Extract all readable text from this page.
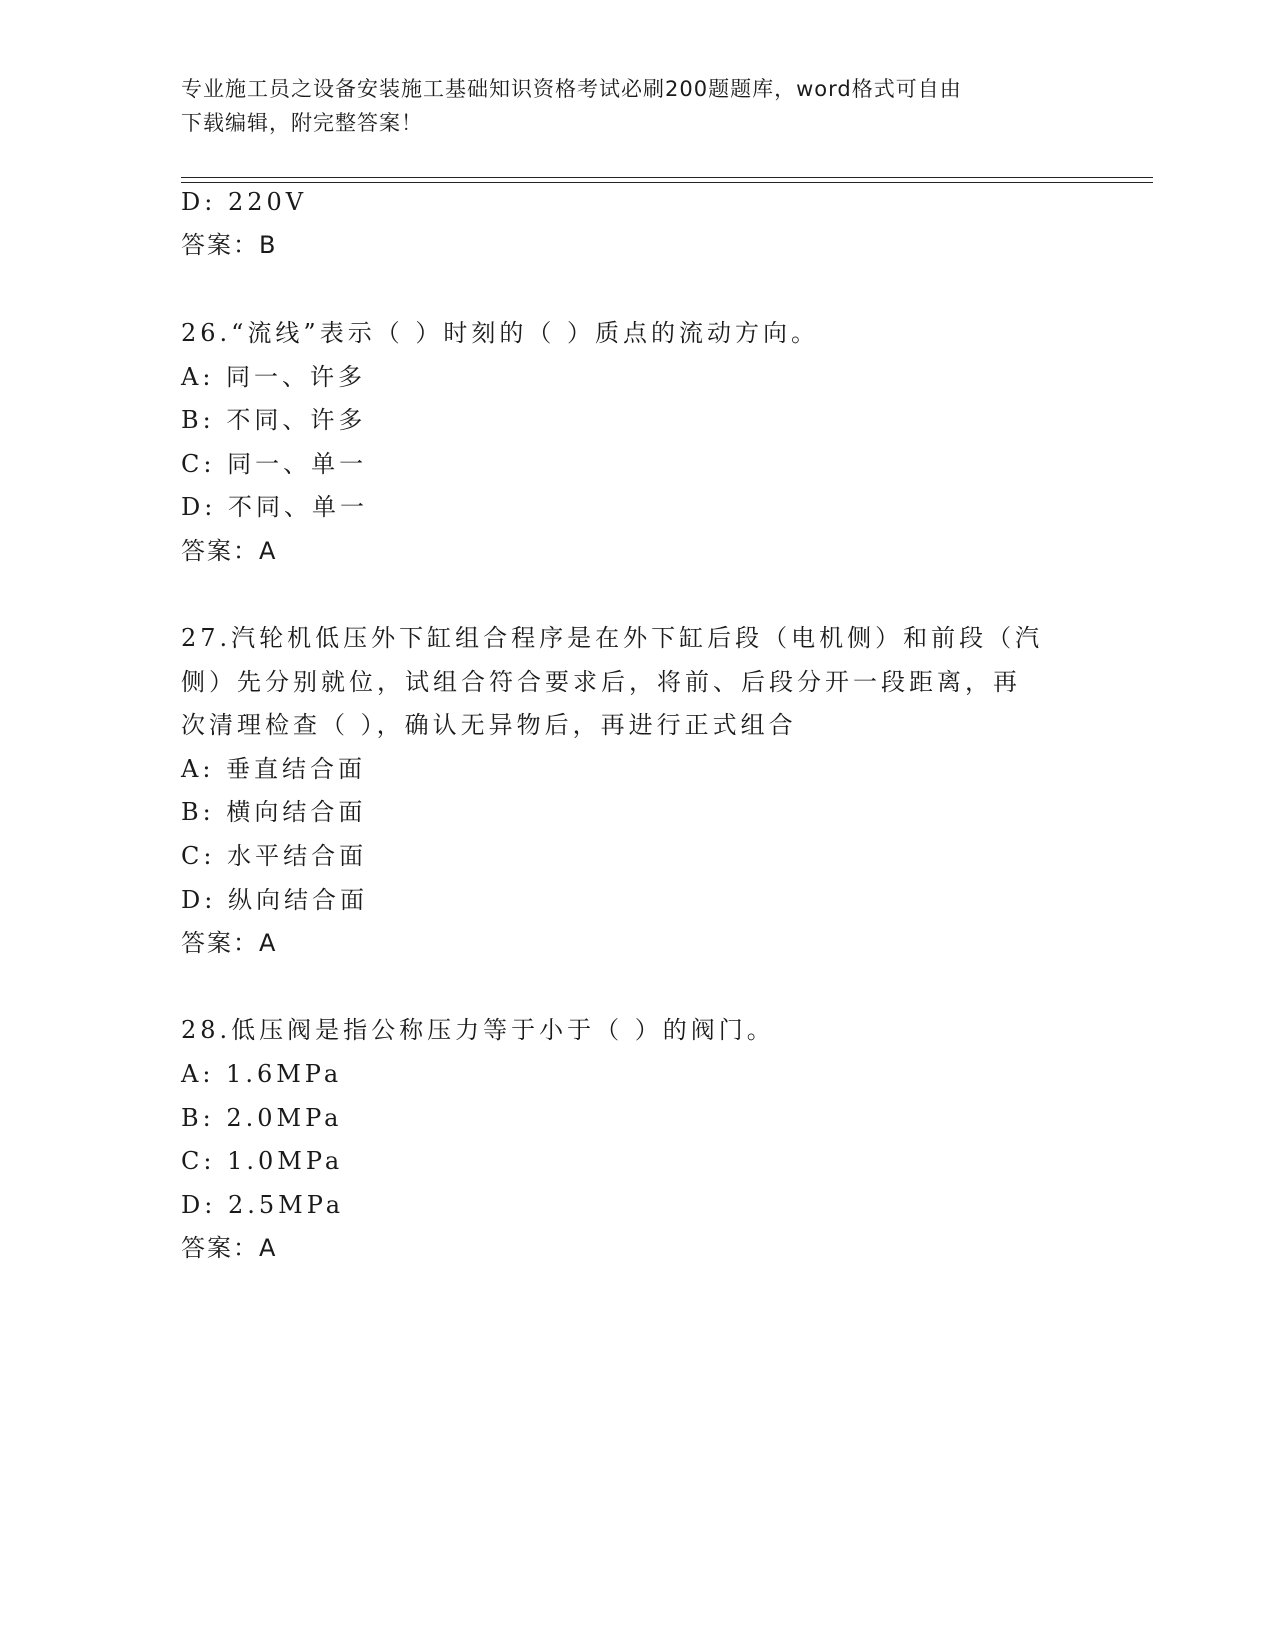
专业施工员之设备安装施工基础知识资格考试必刷200题题库，word格式可自由
下载编辑，附完整答案！
D: 220V
答案：B
26.“流线”表示（ ）时刻的（ ）质点的流动方向。
A: 同一、许多
B: 不同、许多
C: 同一、单一
D: 不同、单一
答案：A
27.汽轮机低压外下缸组合程序是在外下缸后段（电机侧）和前段（汽
侧）先分别就位，试组合符合要求后，将前、后段分开一段距离，再
次清理检查（ ），确认无异物后，再进行正式组合
A: 垂直结合面
B: 横向结合面
C: 水平结合面
D: 纵向结合面
答案：A
28.低压阀是指公称压力等于小于（ ）的阀门。
A: 1.6MPa
B: 2.0MPa
C: 1.0MPa
D: 2.5MPa
答案：A
